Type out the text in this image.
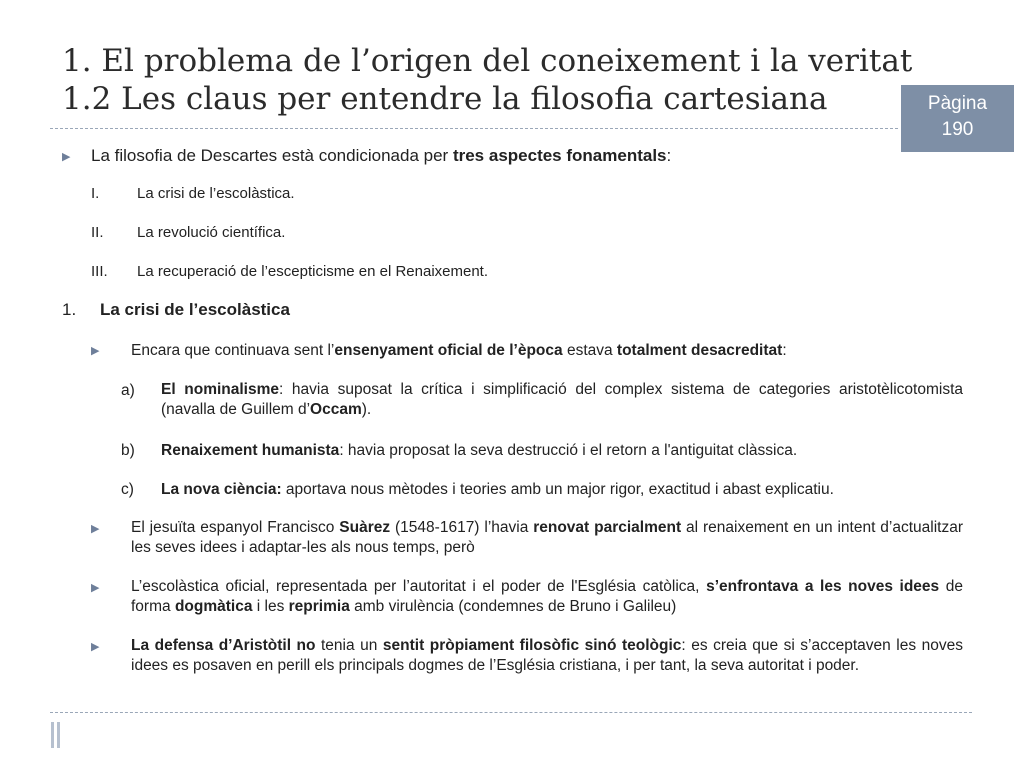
1. El problema de l’origen del coneixement i la veritat
1.2 Les claus per entendre la filosofia cartesiana	Pàgina
190
▶ La filosofia de Descartes està condicionada per tres aspectes fonamentals:
I.	La crisi de l’escolàstica.
II. La revolució científica.
III. La recuperació de l’escepticisme en el Renaixement.
1. La crisi de l’escolàstica
▶ Encara que continuava sent l’ensenyament oficial de l’època estava totalment desacreditat:
a) El nominalisme: havia suposat la crítica i simplificació del complex sistema de categories aristotèlicotomista (navalla de Guillem d’Occam).
b) Renaixement humanista: havia proposat la seva destrucció i el retorn a l'antiguitat clàssica.
c) La nova ciència: aportava nous mètodes i teories amb un major rigor, exactitud i abast explicatiu.
▶ El jesuïta espanyol Francisco Suàrez (1548-1617) l’havia renovat parcialment al renaixement en un intent d’actualitzar les seves idees i adaptar-les als nous temps, però
▶ L’escolàstica oficial, representada per l’autoritat i el poder de l'Església catòlica, s’enfrontava a les noves idees de forma dogmàtica i les reprimia amb virulència (condemnes de Bruno i Galileu)
▶ La defensa d’Aristòtil no tenia un sentit pròpiament filosòfic sinó teològic: es creia que si s’acceptaven les noves idees es posaven en perill els principals dogmes de l’Església cristiana, i per tant, la seva autoritat i poder.
